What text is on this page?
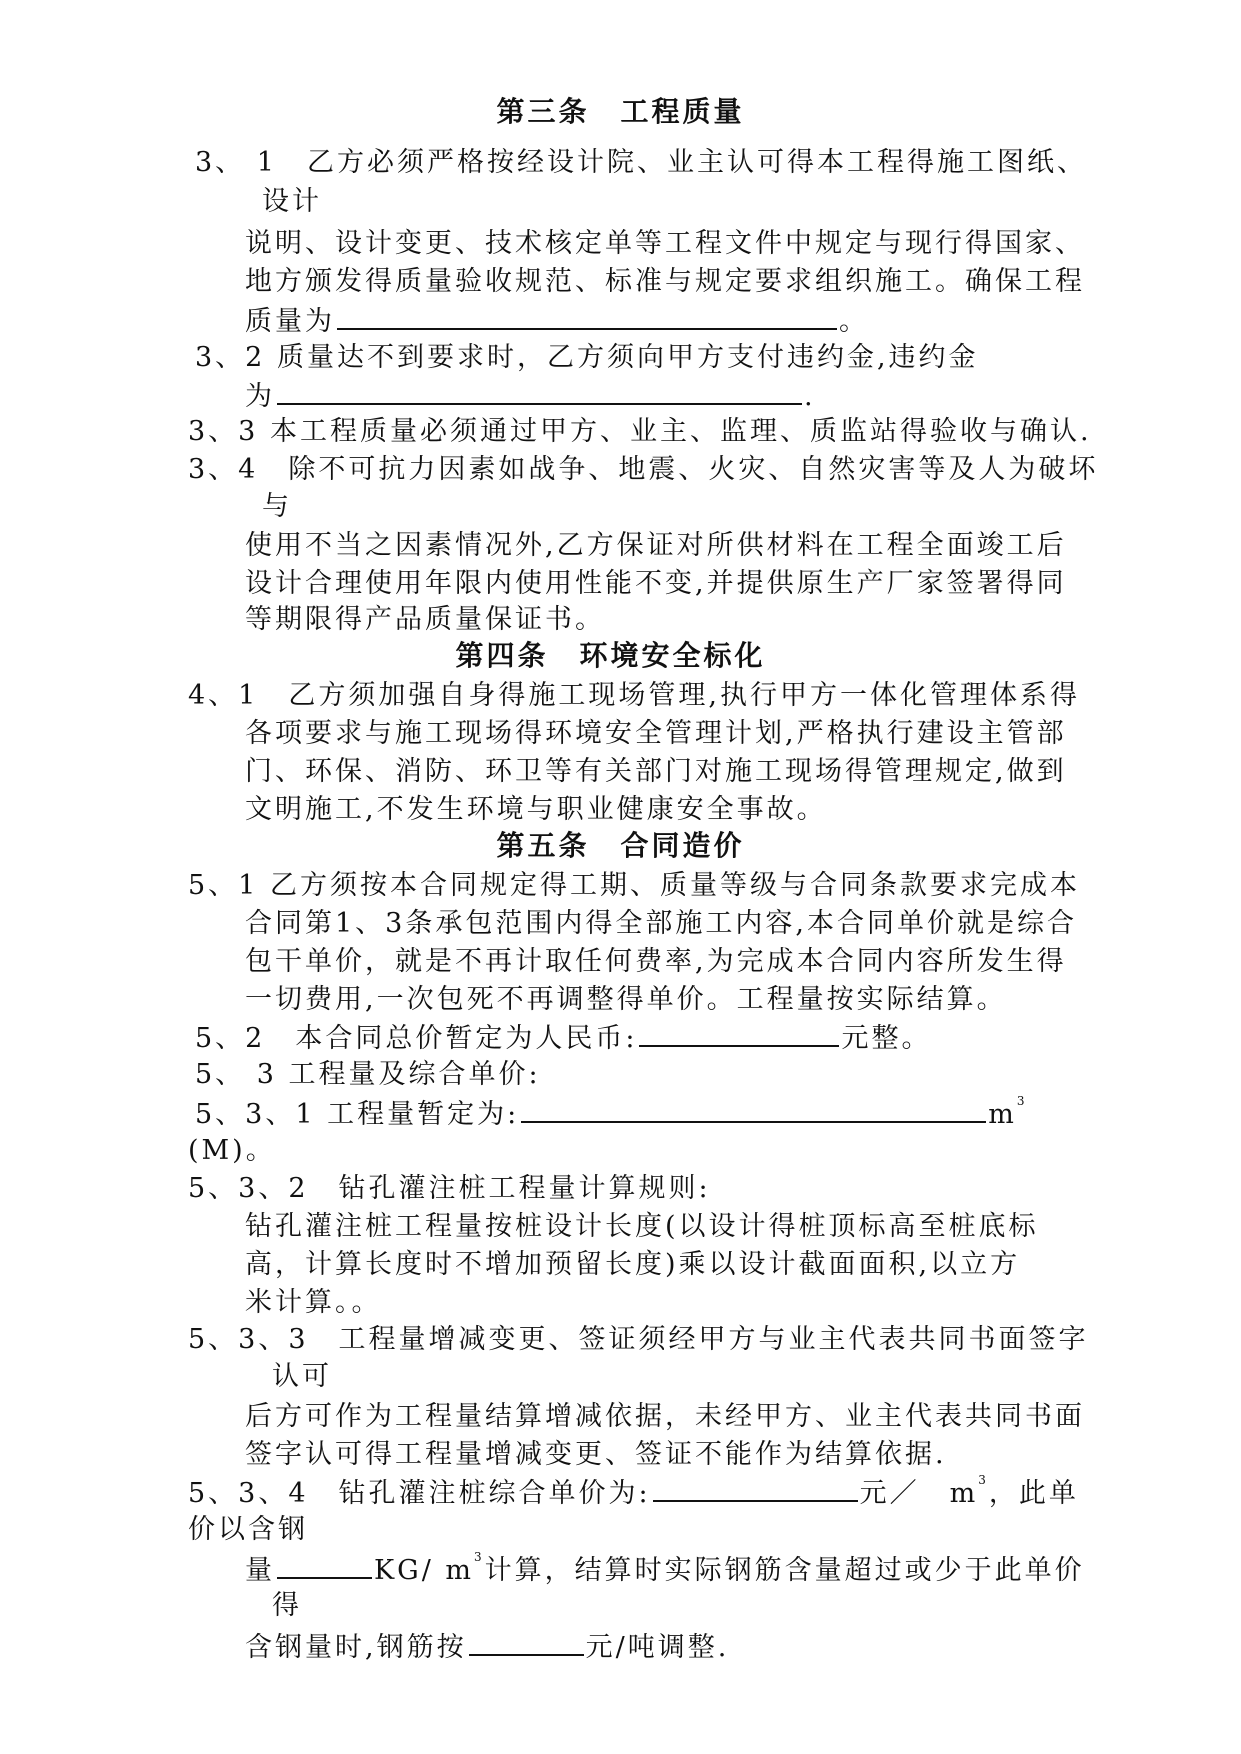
第三条　工程质量
3、 1　乙方必须严格按经设计院、业主认可得本工程得施工图纸、
设计
说明、设计变更、技术核定单等工程文件中规定与现行得国家、
地方颁发得质量验收规范、标准与规定要求组织施工。确保工程
质量为	。
3、2 质量达不到要求时，乙方须向甲方支付违约金,违约金
为	.
3、3 本工程质量必须通过甲方、业主、监理、质监站得验收与确认.
3、4　除不可抗力因素如战争、地震、火灾、自然灾害等及人为破坏
与
使用不当之因素情况外,乙方保证对所供材料在工程全面竣工后
设计合理使用年限内使用性能不变,并提供原生产厂家签署得同
等期限得产品质量保证书。
第四条　环境安全标化
4、1　乙方须加强自身得施工现场管理,执行甲方一体化管理体系得
各项要求与施工现场得环境安全管理计划,严格执行建设主管部
门、环保、消防、环卫等有关部门对施工现场得管理规定,做到
文明施工,不发生环境与职业健康安全事故。
第五条　合同造价
5、1 乙方须按本合同规定得工期、质量等级与合同条款要求完成本
合同第1、3条承包范围内得全部施工内容,本合同单价就是综合
包干单价，就是不再计取任何费率,为完成本合同内容所发生得
一切费用,一次包死不再调整得单价。工程量按实际结算。
5、2　本合同总价暂定为人民币:	元整。
5、 3 工程量及综合单价:
5、3、1 工程量暂定为:	$m^3$
(M)。
5、3、2　钻孔灌注桩工程量计算规则:
钻孔灌注桩工程量按桩设计长度(以设计得桩顶标高至桩底标
高，计算长度时不增加预留长度)乘以设计截面面积,以立方
米计算。。
5、3、3　工程量增减变更、签证须经甲方与业主代表共同书面签字
认可
后方可作为工程量结算增减依据，未经甲方、业主代表共同书面
签字认可得工程量增减变更、签证不能作为结算依据.
5、3、4　钻孔灌注桩综合单价为:	元／　$m^3$，此单
价以含钢
量	KG/ $m^3$计算，结算时实际钢筋含量超过或少于此单价
得
含钢量时,钢筋按	元/吨调整.
